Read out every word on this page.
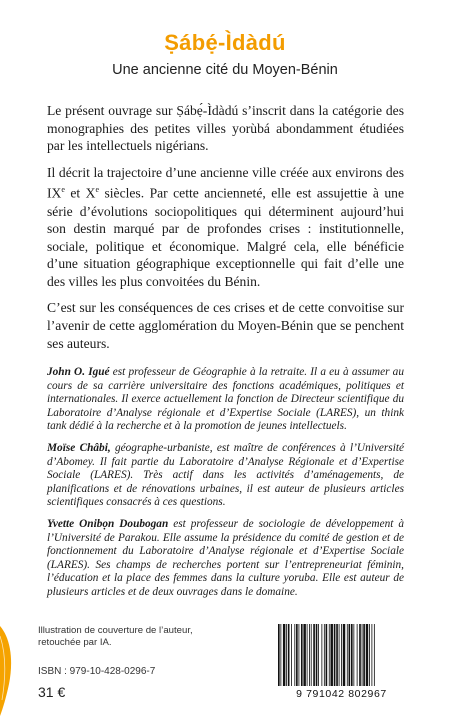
Ṣábẹ́-Ìdàdú
Une ancienne cité du Moyen-Bénin

Le présent ouvrage sur Ṣábẹ́-Ìdàdú s’inscrit dans la catégorie des monographies des petites villes yorùbá abondamment étudiées par les intellectuels nigérians.

Il décrit la trajectoire d’une ancienne ville créée aux environs des IXe et Xe siècles. Par cette ancienneté, elle est assujettie à une série d’évolutions sociopolitiques qui déterminent aujourd’hui son destin marqué par de profondes crises : institutionnelle, sociale, politique et économique. Malgré cela, elle bénéficie d’une situation géographique exceptionnelle qui fait d’elle une des villes les plus convoitées du Bénin.

C’est sur les conséquences de ces crises et de cette convoitise sur l’avenir de cette agglomération du Moyen-Bénin que se penchent ses auteurs.

John O. Igué est professeur de Géographie à la retraite. Il a eu à assumer au cours de sa carrière universitaire des fonctions académiques, politiques et internationales. Il exerce actuellement la fonction de Directeur scientifique du Laboratoire d’Analyse régionale et d’Expertise Sociale (LARES), un think tank dédié à la recherche et à la promotion de jeunes intellectuels.

Moïse Châbi, géographe-urbaniste, est maître de conférences à l’Université d’Abomey. Il fait partie du Laboratoire d’Analyse Régionale et d’Expertise Sociale (LARES). Très actif dans les activités d’aménagements, de planifications et de rénovations urbaines, il est auteur de plusieurs articles scientifiques consacrés à ces questions.

Yvette Onibọn Doubogan est professeur de sociologie de développement à l’Université de Parakou. Elle assume la présidence du comité de gestion et de fonctionnement du Laboratoire d’Analyse régionale et d’Expertise Sociale (LARES). Ses champs de recherches portent sur l’entrepreneuriat féminin, l’éducation et la place des femmes dans la culture yoruba. Elle est auteur de plusieurs articles et de deux ouvrages dans le domaine.

Illustration de couverture de l’auteur,
retouchée par IA.
ISBN : 979-10-428-0296-7
31 €	9 791042 802967
